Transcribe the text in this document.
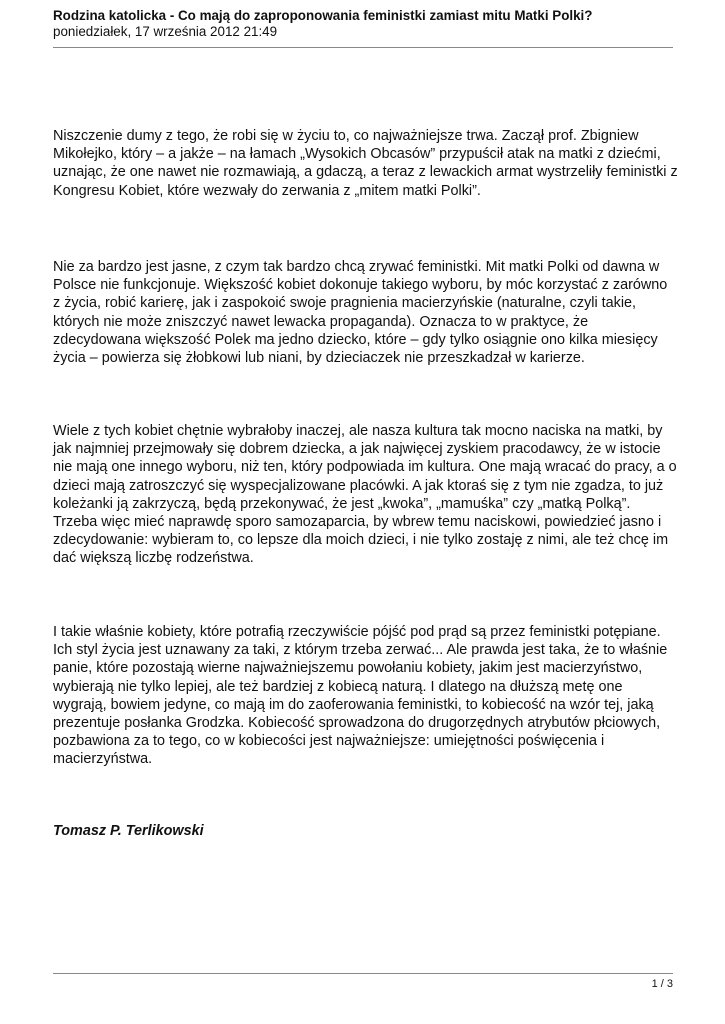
Rodzina katolicka - Co mają do zaproponowania feministki zamiast mitu Matki Polki?
poniedziałek, 17 września 2012 21:49

Niszczenie dumy z tego, że robi się w życiu to, co najważniejsze trwa. Zaczął prof. Zbigniew Mikołejko, który – a jakże – na łamach „Wysokich Obcasów” przypuścił atak na matki z dziećmi, uznając, że one nawet nie rozmawiają, a gdaczą, a teraz z lewackich armat wystrzeliły feministki z Kongresu Kobiet, które wezwały do zerwania z „mitem matki Polki”.

Nie za bardzo jest jasne, z czym tak bardzo chcą zrywać feministki. Mit matki Polki od dawna w Polsce nie funkcjonuje. Większość kobiet dokonuje takiego wyboru, by móc korzystać z zarówno z życia, robić karierę, jak i zaspokoić swoje pragnienia macierzyńskie (naturalne, czyli takie, których nie może zniszczyć nawet lewacka propaganda). Oznacza to w praktyce, że zdecydowana większość Polek ma jedno dziecko, które – gdy tylko osiągnie ono kilka miesięcy życia – powierza się żłobkowi lub niani, by dzieciaczek nie przeszkadzał w karierze.

Wiele z tych kobiet chętnie wybrałoby inaczej, ale nasza kultura tak mocno naciska na matki, by jak najmniej przejmowały się dobrem dziecka, a jak najwięcej zyskiem pracodawcy, że w istocie nie mają one innego wyboru, niż ten, który podpowiada im kultura. One mają wracać do pracy, a o dzieci mają zatroszczyć się wyspecjalizowane placówki. A jak ktoraś się z tym nie zgadza, to już koleżanki ją zakrzyczą, będą przekonywać, że jest „kwoka”, „mamuśka” czy „matką Polką”. Trzeba więc mieć naprawdę sporo samozaparcia, by wbrew temu naciskowi, powiedzieć jasno i zdecydowanie: wybieram to, co lepsze dla moich dzieci, i nie tylko zostaję z nimi, ale też chcę im dać większą liczbę rodzeństwa.

I takie właśnie kobiety, które potrafią rzeczywiście pójść pod prąd są przez feministki potępiane. Ich styl życia jest uznawany za taki, z którym trzeba zerwać... Ale prawda jest taka, że to właśnie panie, które pozostają wierne najważniejszemu powołaniu kobiety, jakim jest macierzyństwo, wybierają nie tylko lepiej, ale też bardziej z kobiecą naturą. I dlatego na dłuższą metę one wygrają, bowiem jedyne, co mają im do zaoferowania feministki, to kobiecość na wzór tej, jaką prezentuje posłanka Grodzka. Kobiecość sprowadzona do drugorzędnych atrybutów płciowych, pozbawiona za to tego, co w kobiecości jest najważniejsze: umiejętności poświęcenia i macierzyństwa.

Tomasz P. Terlikowski
1 / 3
